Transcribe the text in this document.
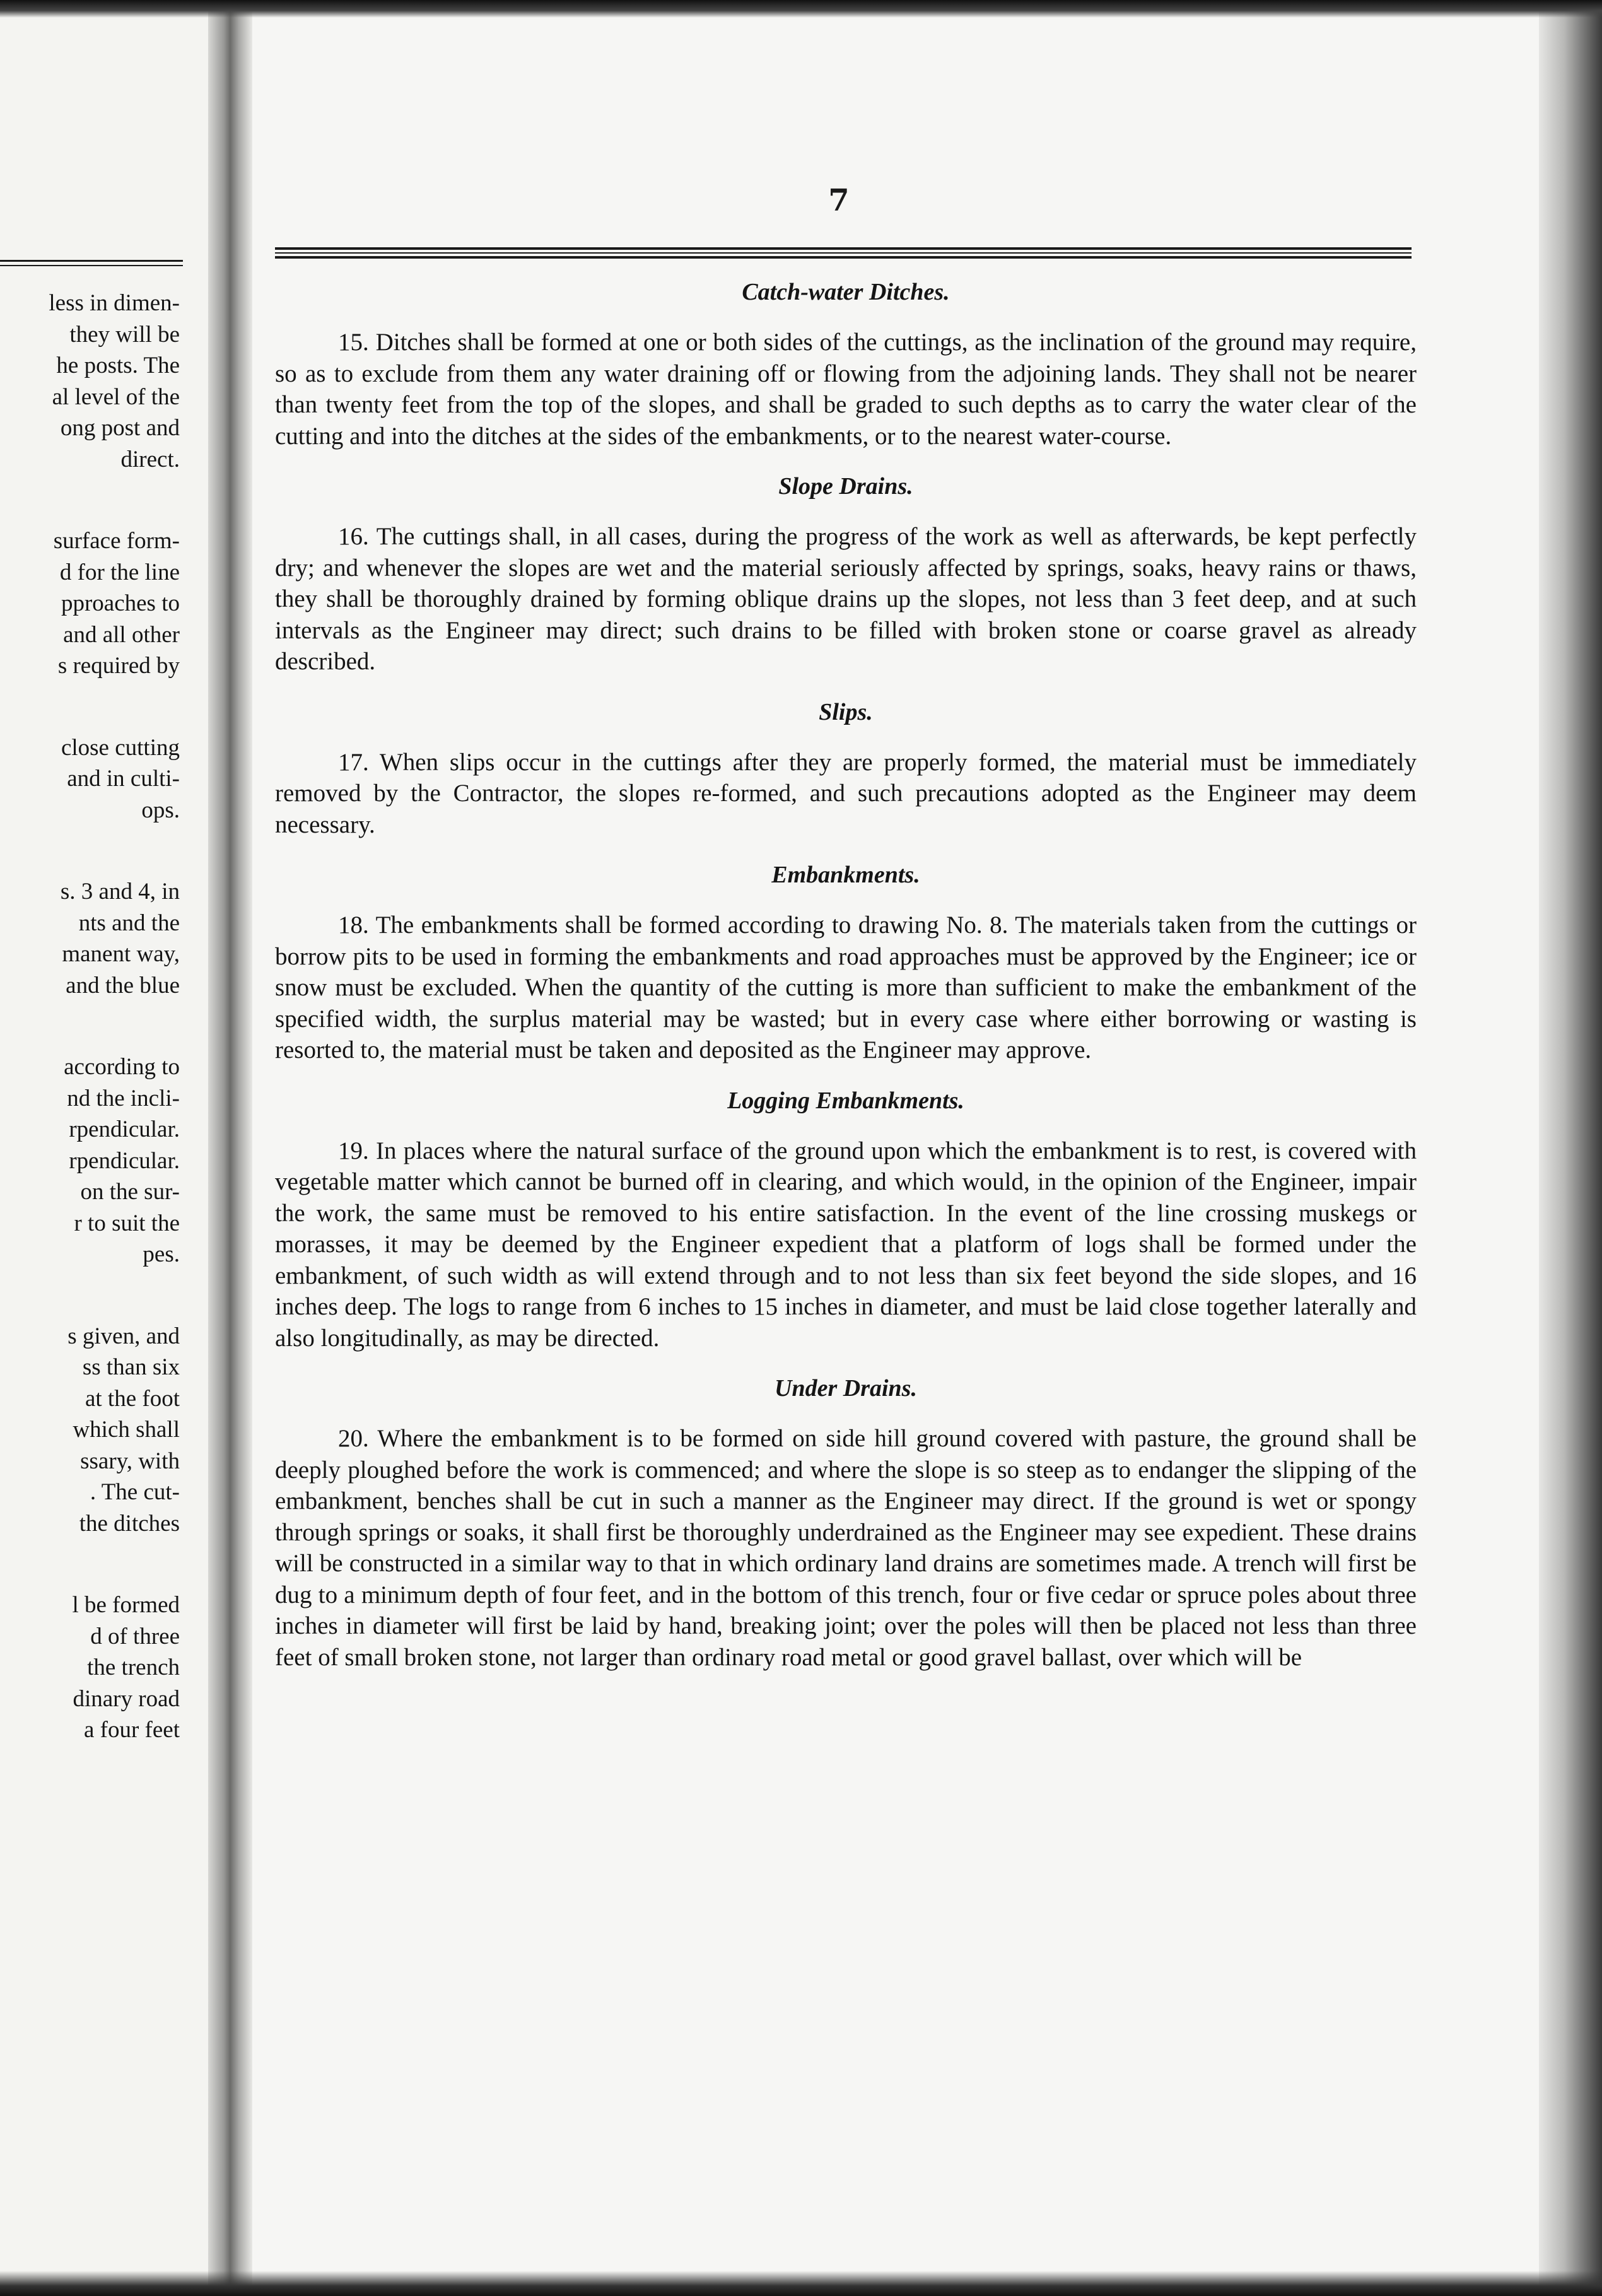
less in dimen-
they will be
he posts. The
al level of the
ong post and
direct.
surface form-
d for the line
pproaches to
and all other
s required by
close cutting
and in culti-
ops.
s. 3 and 4, in
nts and the
manent way,
and the blue
according to
nd the incli-
rpendicular.
rpendicular.
on the sur-
r to suit the
pes.
s given, and
ss than six
at the foot
which shall
ssary, with
. The cut-
the ditches
l be formed
d of three
the trench
dinary road
a four feet
7
Catch-water Ditches.

15. Ditches shall be formed at one or both sides of the cuttings, as the inclination of the ground may require, so as to exclude from them any water draining off or flowing from the adjoining lands. They shall not be nearer than twenty feet from the top of the slopes, and shall be graded to such depths as to carry the water clear of the cutting and into the ditches at the sides of the embankments, or to the nearest water-course.

Slope Drains.

16. The cuttings shall, in all cases, during the progress of the work as well as afterwards, be kept perfectly dry; and whenever the slopes are wet and the material seriously affected by springs, soaks, heavy rains or thaws, they shall be thoroughly drained by forming oblique drains up the slopes, not less than 3 feet deep, and at such intervals as the Engineer may direct; such drains to be filled with broken stone or coarse gravel as already described.

Slips.

17. When slips occur in the cuttings after they are properly formed, the material must be immediately removed by the Contractor, the slopes re-formed, and such precautions adopted as the Engineer may deem necessary.

Embankments.

18. The embankments shall be formed according to drawing No. 8. The materials taken from the cuttings or borrow pits to be used in forming the embankments and road approaches must be approved by the Engineer; ice or snow must be excluded. When the quantity of the cutting is more than sufficient to make the embankment of the specified width, the surplus material may be wasted; but in every case where either borrowing or wasting is resorted to, the material must be taken and deposited as the Engineer may approve.

Logging Embankments.

19. In places where the natural surface of the ground upon which the embankment is to rest, is covered with vegetable matter which cannot be burned off in clearing, and which would, in the opinion of the Engineer, impair the work, the same must be removed to his entire satisfaction. In the event of the line crossing muskegs or morasses, it may be deemed by the Engineer expedient that a platform of logs shall be formed under the embankment, of such width as will extend through and to not less than six feet beyond the side slopes, and 16 inches deep. The logs to range from 6 inches to 15 inches in diameter, and must be laid close together laterally and also longitudinally, as may be directed.

Under Drains.

20. Where the embankment is to be formed on side hill ground covered with pasture, the ground shall be deeply ploughed before the work is commenced; and where the slope is so steep as to endanger the slipping of the embankment, benches shall be cut in such a manner as the Engineer may direct. If the ground is wet or spongy through springs or soaks, it shall first be thoroughly underdrained as the Engineer may see expedient. These drains will be constructed in a similar way to that in which ordinary land drains are sometimes made. A trench will first be dug to a minimum depth of four feet, and in the bottom of this trench, four or five cedar or spruce poles about three inches in diameter will first be laid by hand, breaking joint; over the poles will then be placed not less than three feet of small broken stone, not larger than ordinary road metal or good gravel ballast, over which will be
